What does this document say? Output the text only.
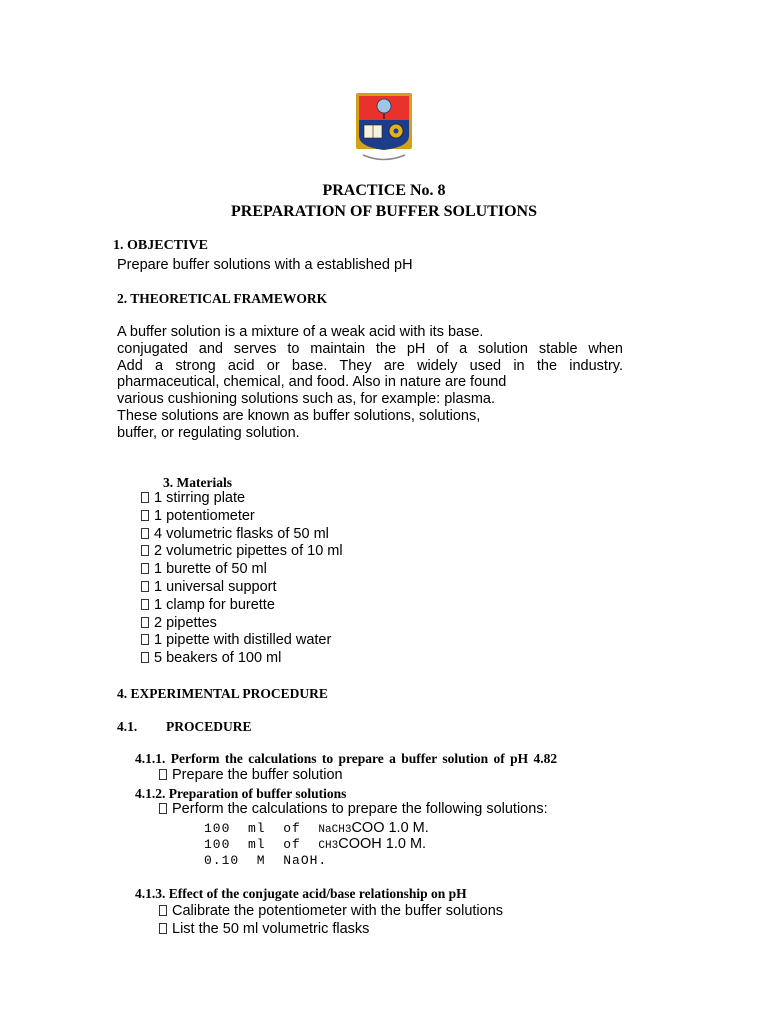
PRACTICE No. 8
PREPARATION OF BUFFER SOLUTIONS
1. OBJECTIVE
Prepare buffer solutions with a established pH
2. THEORETICAL FRAMEWORK
A buffer solution is a mixture of a weak acid with its base.
conjugated and serves to maintain the pH of a solution stable when
Add a strong acid or base. They are widely used in the industry.
pharmaceutical, chemical, and food. Also in nature are found
various cushioning solutions such as, for example: plasma.
These solutions are known as buffer solutions, solutions,
buffer, or regulating solution.
3. Materials
1 stirring plate
1 potentiometer
4 volumetric flasks of 50 ml
2 volumetric pipettes of 10 ml
1 burette of 50 ml
1 universal support
1 clamp for burette
2 pipettes
1 pipette with distilled water
5 beakers of 100 ml
4. EXPERIMENTAL PROCEDURE
4.1. PROCEDURE
4.1.1. Perform the calculations to prepare a buffer solution of pH 4.82
Prepare the buffer solution
4.1.2. Preparation of buffer solutions
Perform the calculations to prepare the following solutions:
100  ml  of  NaCH3COO 1.0 M.
100  ml  of  CH3COOH 1.0 M.
0.10  M  NaOH.
4.1.3. Effect of the conjugate acid/base relationship on pH
Calibrate the potentiometer with the buffer solutions
List the 50 ml volumetric flasks
